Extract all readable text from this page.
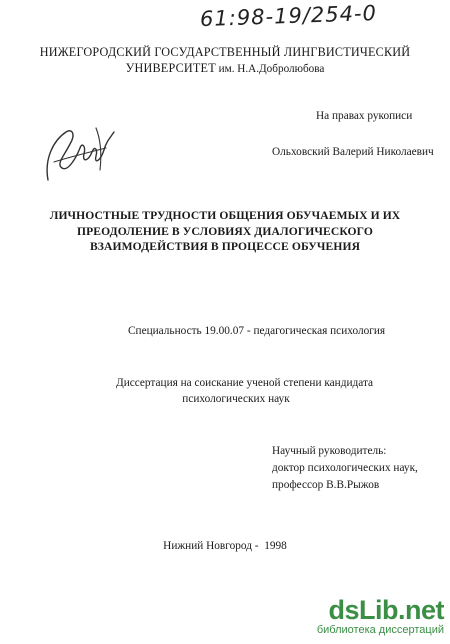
61:98-19/254-0
НИЖЕГОРОДСКИЙ ГОСУДАРСТВЕННЫЙ ЛИНГВИСТИЧЕСКИЙ
УНИВЕРСИТЕТ им. Н.А.Добролюбова
На правах рукописи
Ольховский Валерий Николаевич
ЛИЧНОСТНЫЕ ТРУДНОСТИ ОБЩЕНИЯ ОБУЧАЕМЫХ И ИХ
ПРЕОДОЛЕНИЕ В УСЛОВИЯХ ДИАЛОГИЧЕСКОГО
ВЗАИМОДЕЙСТВИЯ В ПРОЦЕССЕ ОБУЧЕНИЯ
Специальность 19.00.07 - педагогическая психология
Диссертация на соискание ученой степени кандидата
психологических наук
Научный руководитель:
доктор психологических наук,
профессор В.В.Рыжов
Нижний Новгород -  1998
dsLib.net
библиотека диссертаций
